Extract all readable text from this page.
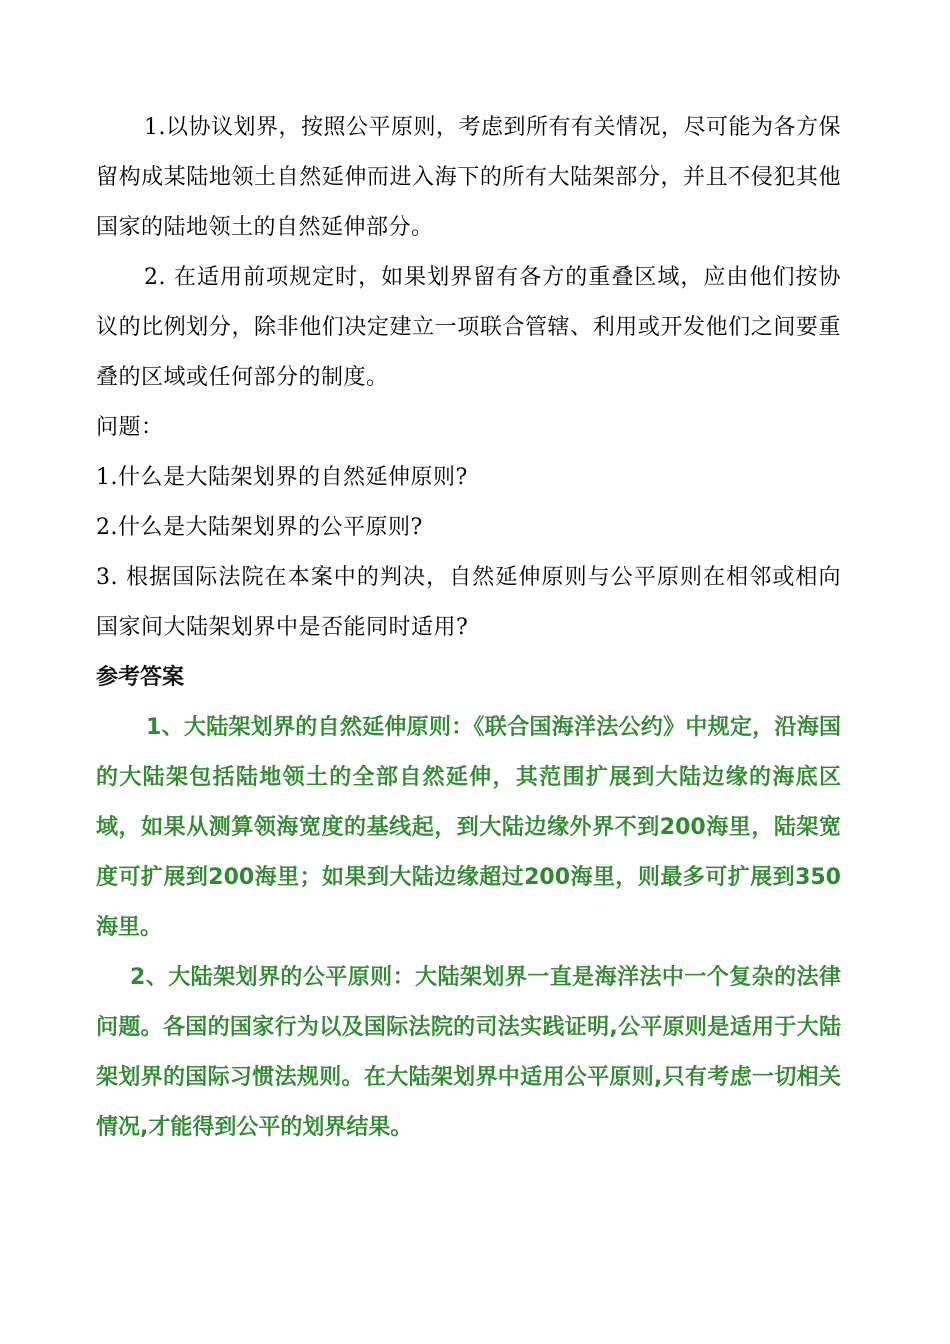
1.以协议划界，按照公平原则，考虑到所有有关情况，尽可能为各方保留构成某陆地领土自然延伸而进入海下的所有大陆架部分，并且不侵犯其他国家的陆地领土的自然延伸部分。

2. 在适用前项规定时，如果划界留有各方的重叠区域，应由他们按协议的比例划分，除非他们决定建立一项联合管辖、利用或开发他们之间要重叠的区域或任何部分的制度。

问题：

1.什么是大陆架划界的自然延伸原则?

2.什么是大陆架划界的公平原则?

3. 根据国际法院在本案中的判决，自然延伸原则与公平原则在相邻或相向国家间大陆架划界中是否能同时适用?

参考答案

1、大陆架划界的自然延伸原则：《联合国海洋法公约》中规定，沿海国的大陆架包括陆地领土的全部自然延伸，其范围扩展到大陆边缘的海底区域，如果从测算领海宽度的基线起，到大陆边缘外界不到200海里，陆架宽度可扩展到200海里；如果到大陆边缘超过200海里，则最多可扩展到350海里。

2、大陆架划界的公平原则：大陆架划界一直是海洋法中一个复杂的法律问题。各国的国家行为以及国际法院的司法实践证明,公平原则是适用于大陆架划界的国际习惯法规则。在大陆架划界中适用公平原则,只有考虑一切相关情况,才能得到公平的划界结果。
